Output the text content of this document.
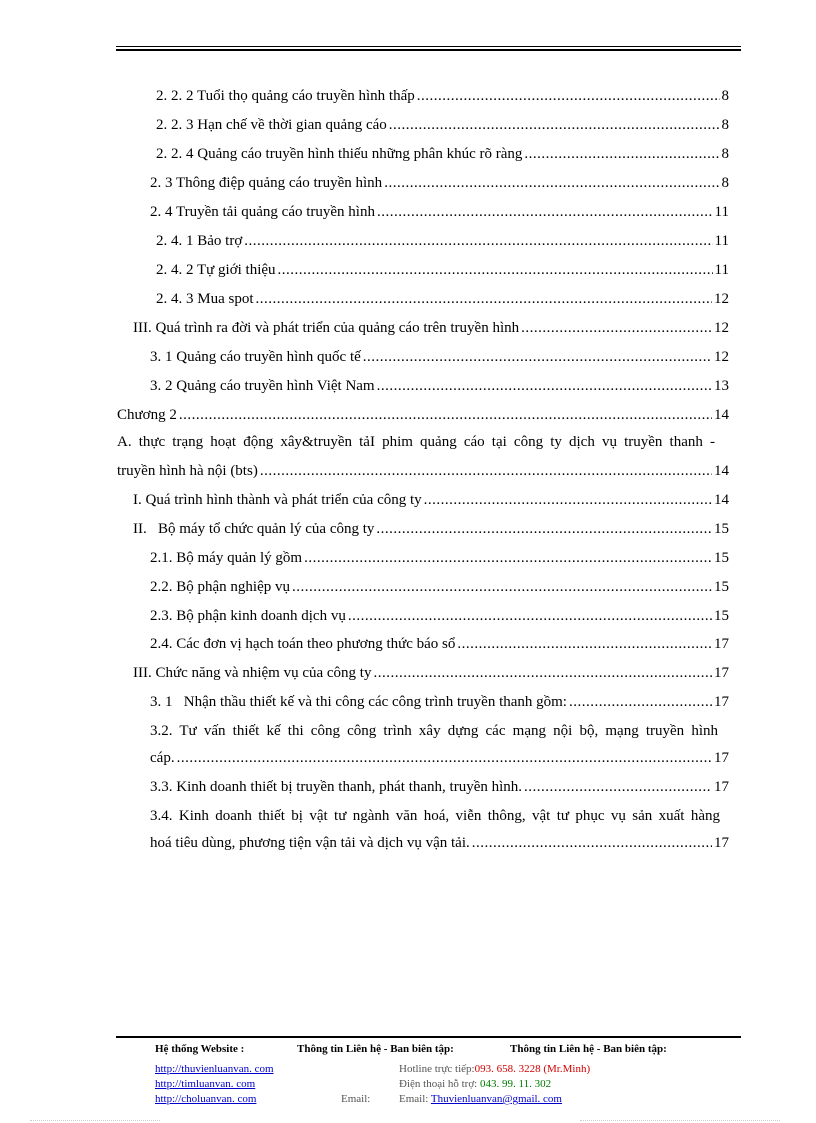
2. 2. 2 Tuổi thọ quảng cáo truyền hình thấp .....	8
2. 2. 3 Hạn chế về thời gian quảng cáo .....	8
2. 2. 4 Quảng cáo truyền hình thiếu những phân khúc rõ ràng .....	8
2. 3 Thông điệp quảng cáo truyền hình .....	8
2. 4 Truyền tải quảng cáo truyền hình .....	11
2. 4. 1 Bảo trợ .....	11
2. 4. 2 Tự giới thiệu .....	11
2. 4. 3 Mua spot .....	12
III. Quá trình ra đời và phát triển của quảng cáo trên truyền hình .....	12
3. 1 Quảng cáo truyền hình quốc tế .....	12
3. 2 Quảng cáo truyền hình Việt Nam .....	13
Chương 2 .....	14
A. thực trạng hoạt động xây&truyền tảI phim quảng cáo tại công ty dịch vụ truyền thanh -
truyền hình hà nội (bts) .....	14
I. Quá trình hình thành và phát triển của công ty .....	14
II.   Bộ máy tổ chức quản lý của công ty .....	15
2.1. Bộ máy quản lý gồm .....	15
2.2. Bộ phận nghiệp vụ .....	15
2.3. Bộ phận kinh doanh dịch vụ .....	15
2.4. Các đơn vị hạch toán theo phương thức báo sổ .....	17
III. Chức năng và nhiệm vụ của công ty .....	17
3. 1   Nhận thầu thiết kế và thi công các công trình truyền thanh gồm: .....	17
3.2. Tư vấn thiết kế thi công công trình xây dựng các mạng nội bộ, mạng truyền hình
cáp. .....	17
3.3. Kinh doanh thiết bị truyền thanh, phát thanh, truyền hình. .....	17
3.4. Kinh doanh thiết bị vật tư ngành văn hoá, viễn thông, vật tư phục vụ sản xuất hàng
hoá tiêu dùng, phương tiện vận tải và dịch vụ vận tải. .....	17
Hệ thống Website :	Thông tin Liên hệ - Ban biên tập:	Thông tin Liên hệ - Ban biên tập:
http://thuvienluanvan. com
http://timluanvan. com
http://choluanvan. com	Email:
Hotline trực tiếp:093. 658. 3228 (Mr.Minh)
Điện thoại hỗ trợ: 043. 99. 11. 302
Email: Thuvienluanvan@gmail. com
